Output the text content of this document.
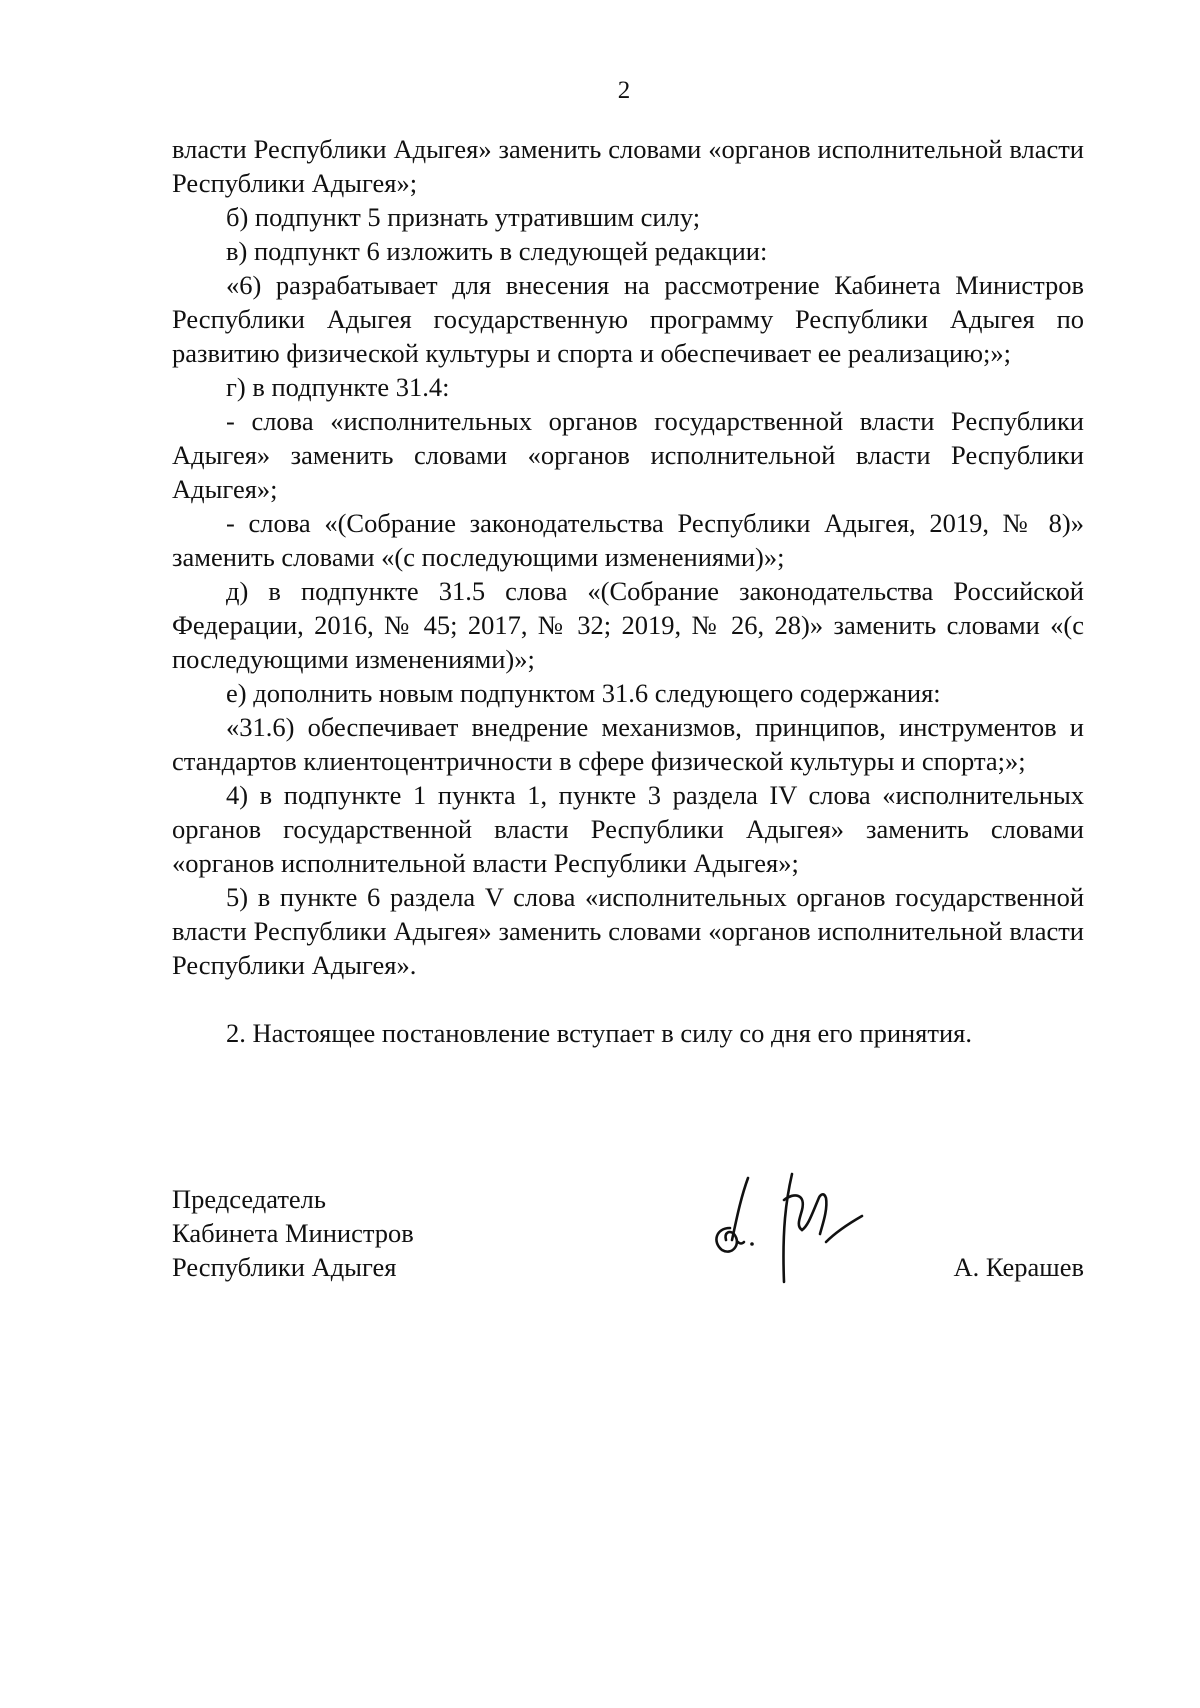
2

власти Республики Адыгея» заменить словами «органов исполнительной власти Республики Адыгея»;

б) подпункт 5 признать утратившим силу;

в) подпункт 6 изложить в следующей редакции:

«6) разрабатывает для внесения на рассмотрение Кабинета Министров Республики Адыгея государственную программу Республики Адыгея по развитию физической культуры и спорта и обеспечивает ее реализацию;»;

г) в подпункте 31.4:

- слова «исполнительных органов государственной власти Республики Адыгея» заменить словами «органов исполнительной власти Республики Адыгея»;

- слова «(Собрание законодательства Республики Адыгея, 2019, № 8)» заменить словами «(с последующими изменениями)»;

д) в подпункте 31.5 слова «(Собрание законодательства Российской Федерации, 2016, № 45; 2017, № 32; 2019, № 26, 28)» заменить словами «(с последующими изменениями)»;

е) дополнить новым подпунктом 31.6 следующего содержания:

«31.6) обеспечивает внедрение механизмов, принципов, инструментов и стандартов клиентоцентричности в сфере физической культуры и спорта;»;

4) в подпункте 1 пункта 1, пункте 3 раздела IV слова «исполнительных органов государственной власти Республики Адыгея» заменить словами «органов исполнительной власти Республики Адыгея»;

5) в пункте 6 раздела V слова «исполнительных органов государственной власти Республики Адыгея» заменить словами «органов исполнительной власти Республики Адыгея».

2. Настоящее постановление вступает в силу со дня его принятия.

Председатель
Кабинета Министров
Республики Адыгея	А. Керашев
